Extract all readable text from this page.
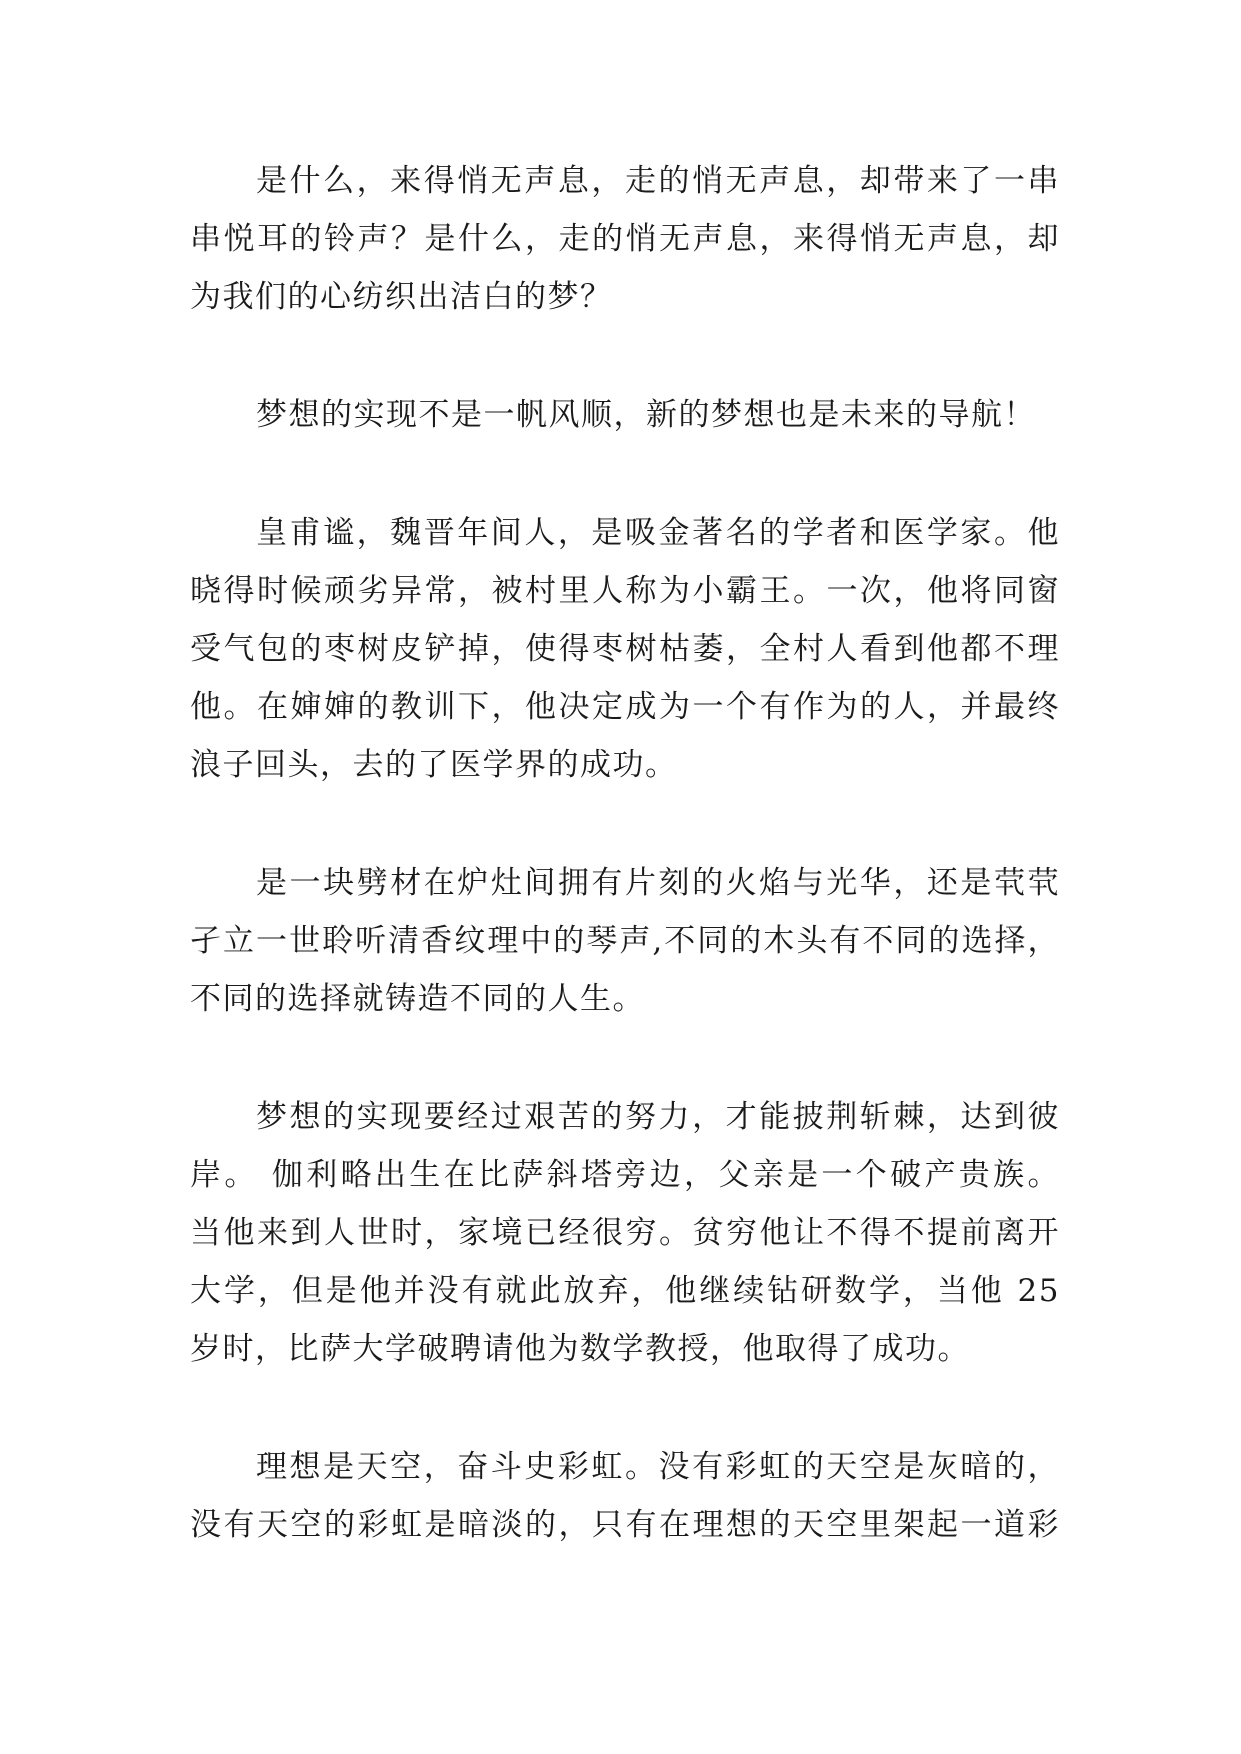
是什么，来得悄无声息，走的悄无声息，却带来了一串
串悦耳的铃声？是什么，走的悄无声息，来得悄无声息，却
为我们的心纺织出洁白的梦？
梦想的实现不是一帆风顺，新的梦想也是未来的导航！
皇甫谧，魏晋年间人，是吸金著名的学者和医学家。他
晓得时候顽劣异常，被村里人称为小霸王。一次，他将同窗
受气包的枣树皮铲掉，使得枣树枯萎，全村人看到他都不理
他。在婶婶的教训下，他决定成为一个有作为的人，并最终
浪子回头，去的了医学界的成功。
是一块劈材在炉灶间拥有片刻的火焰与光华，还是茕茕
孑立一世聆听清香纹理中的琴声,不同的木头有不同的选择，
不同的选择就铸造不同的人生。
梦想的实现要经过艰苦的努力，才能披荆斩棘，达到彼
岸。 伽利略出生在比萨斜塔旁边，父亲是一个破产贵族。
当他来到人世时，家境已经很穷。贫穷他让不得不提前离开
大学，但是他并没有就此放弃，他继续钻研数学，当他 25
岁时，比萨大学破聘请他为数学教授，他取得了成功。
理想是天空，奋斗史彩虹。没有彩虹的天空是灰暗的，
没有天空的彩虹是暗淡的，只有在理想的天空里架起一道彩
